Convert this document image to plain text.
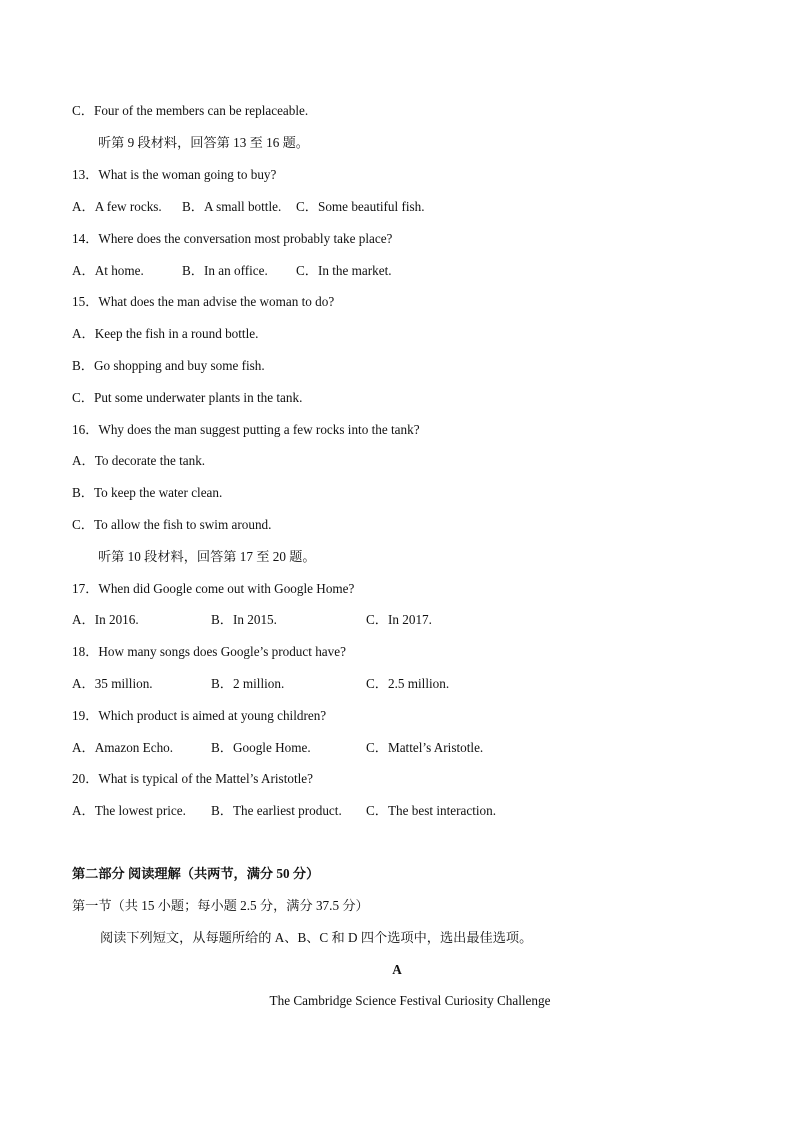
C．Four of the members can be replaceable.
听第 9 段材料，回答第 13 至 16 题。
13．What is the woman going to buy?
A．A few rocks. B．A small bottle. C．Some beautiful fish.
14．Where does the conversation most probably take place?
A．At home.	B．In an office. C．In the market.
15．What does the man advise the woman to do?
A．Keep the fish in a round bottle.
B．Go shopping and buy some fish.
C．Put some underwater plants in the tank.
16．Why does the man suggest putting a few rocks into the tank?
A．To decorate the tank.
B．To keep the water clean.
C．To allow the fish to swim around.
听第 10 段材料，回答第 17 至 20 题。
17．When did Google come out with Google Home?
A．In 2016.	B．In 2015.	C．In 2017.
18．How many songs does Google’s product have?
A．35 million.	B．2 million.	C．2.5 million.
19．Which product is aimed at young children?
A．Amazon Echo.	B．Google Home.	C．Mattel’s Aristotle.
20．What is typical of the Mattel’s Aristotle?
A．The lowest price. B．The earliest product. C．The best interaction.
第二部分 阅读理解（共两节，满分 50 分）
第一节（共 15 小题；每小题 2.5 分，满分 37.5 分）
阅读下列短文，从每题所给的 A、B、C 和 D 四个选项中，选出最佳选项。
A
The Cambridge Science Festival Curiosity Challenge
